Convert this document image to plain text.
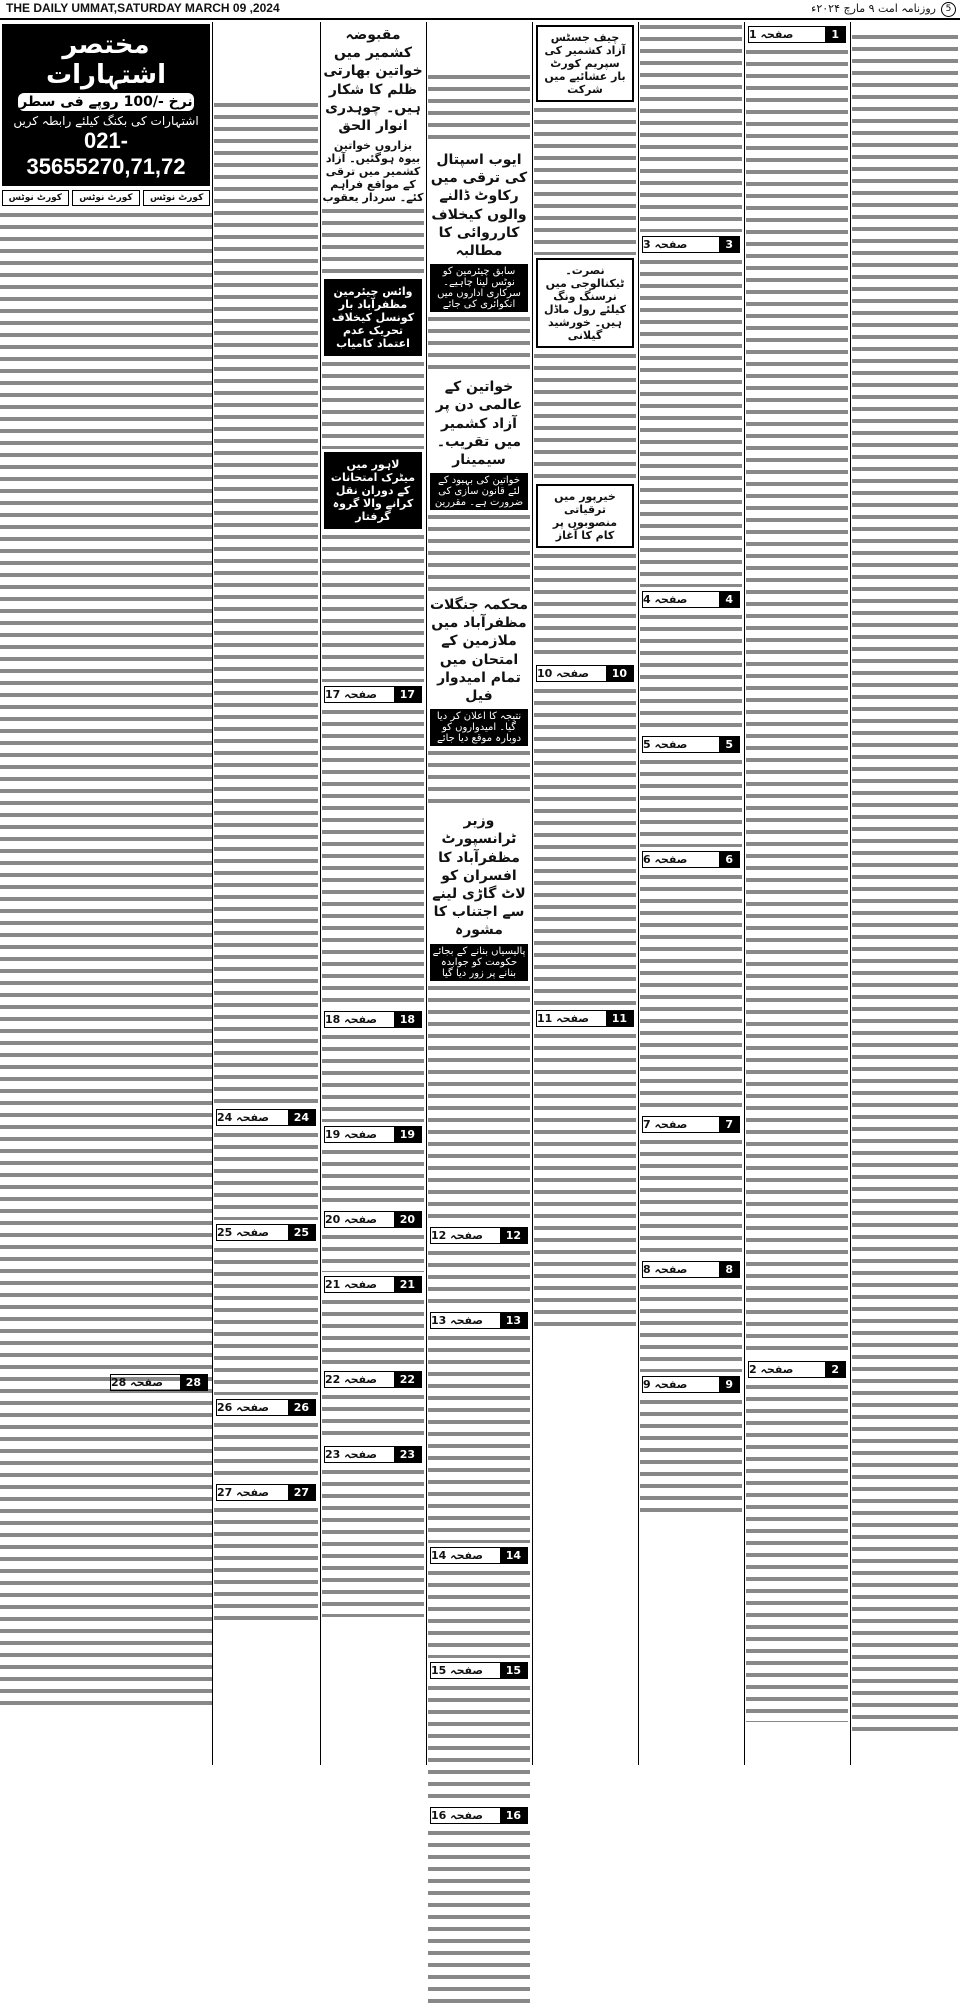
THE DAILY UMMAT,SATURDAY MARCH 09 ,2024	روزنامہ امت ۹ مارچ ۲۰۲۴ء	5
مختصر اشتہارات
نرخ -/100 روپے فی سطر
اشتہارات کی بکنگ کیلئے رابطہ کریں
021-35655270,71,72
کورٹ نوٹس	کورٹ نوٹس	کورٹ نوٹس
صفحہ 24	24
صفحہ 25	25
صفحہ 26	26
صفحہ 27	27
مقبوضہ کشمیر میں خواتین بھارتی ظلم کا شکار ہیں۔ چوہدری انوار الحق
بزاروں خواتین بیوہ ہوگئیں۔ آزاد کشمیر میں ترقی کے مواقع فراہم کئے۔ سردار یعقوب
وائس چیئرمین مظفرآباد بار کونسل کیخلاف تحریک عدم اعتماد کامیاب
لاہور میں میٹرک امتحانات کے دوران نقل کرانے والا گروہ گرفتار
صفحہ 17	17
صفحہ 18	18
صفحہ 19	19
صفحہ 20	20
صفحہ 21	21
صفحہ 22	22
صفحہ 23	23
ایوب اسپتال کی ترقی میں رکاوٹ ڈالنے والوں کیخلاف کارروائی کا مطالبہ
سابق چیئرمین کو نوٹس لینا چاہیے۔ سرکاری اداروں میں انکوائری کی جائے
خواتین کے عالمی دن پر آزاد کشمیر میں تقریب۔ سیمینار
خواتین کی بہبود کے لئے قانون سازی کی ضرورت ہے۔ مقررین
محکمہ جنگلات مظفرآباد میں ملازمین کے امتحان میں تمام امیدوار فیل
نتیجہ کا اعلان کر دیا گیا۔ امیدواروں کو دوبارہ موقع دیا جائے
وزیر ٹرانسپورٹ مظفرآباد کا افسران کو لاٹ گاڑی لینے سے اجتناب کا مشورہ
پالیسیاں بنانے کے بجائے حکومت کو جوابدہ بنانے پر زور دیا گیا
صفحہ 12	12
صفحہ 13	13
صفحہ 14	14
صفحہ 15	15
صفحہ 16	16
چیف جسٹس آزاد کشمیر کی سپریم کورٹ بار عشائیے میں شرکت
نصرت۔ ٹیکنالوجی میں نرسنگ ونگ کیلئے رول ماڈل ہیں۔ خورشید گیلانی
خیرپور میں ترقیاتی منصوبوں پر کام کا آغاز
صفحہ 10	10
صفحہ 11	11
صفحہ 3	3
صفحہ 4	4
صفحہ 5	5
صفحہ 6	6
صفحہ 7	7
صفحہ 8	8
صفحہ 9	9
صفحہ 1	1
صفحہ 2	2
صفحہ 28	28
